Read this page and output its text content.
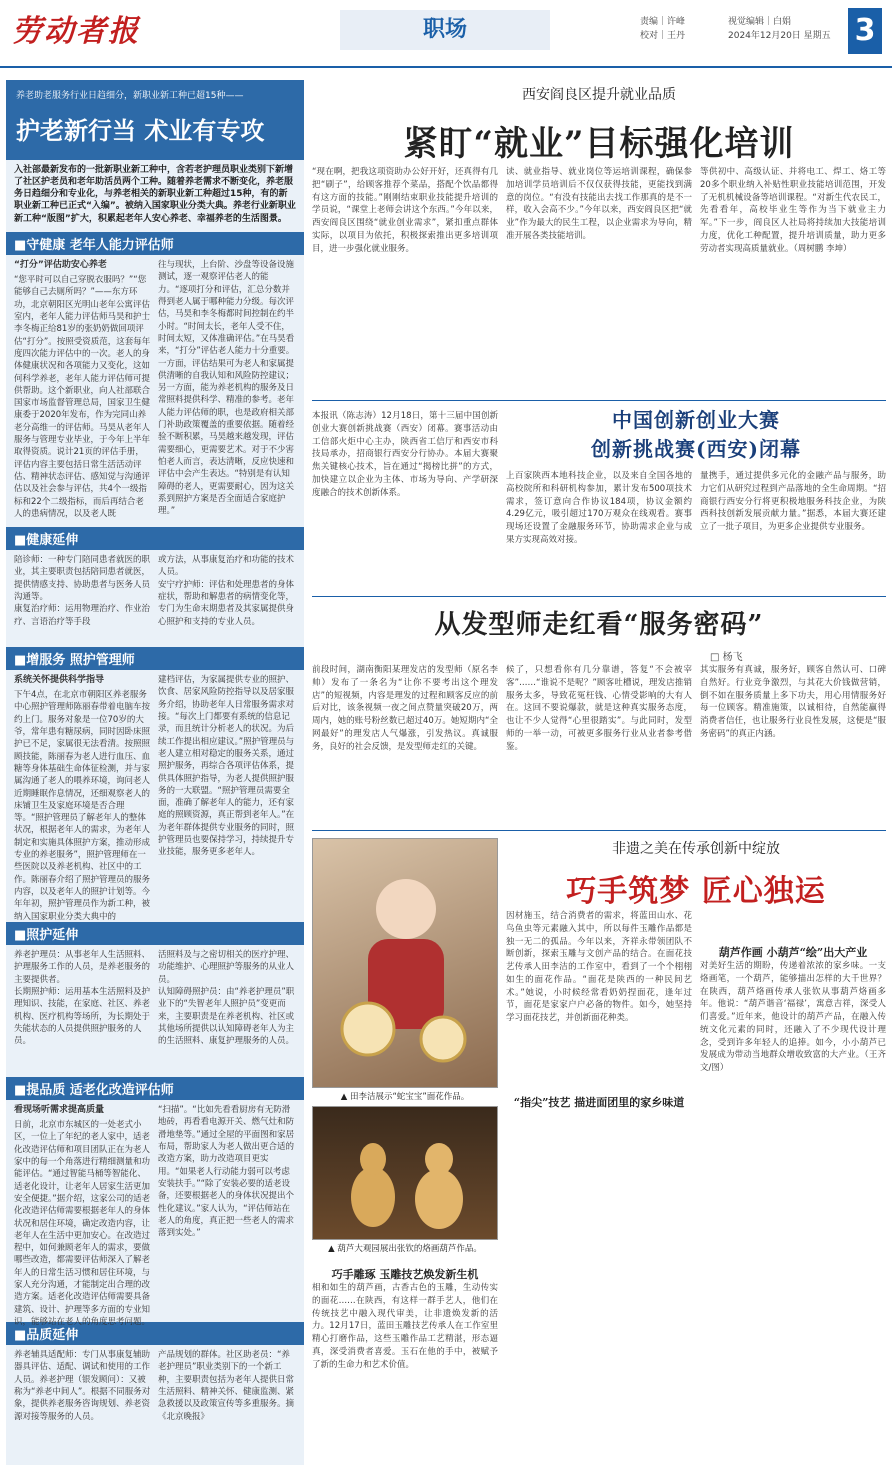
劳动者报	职场	责编｜许峰
校对｜王丹
视觉编辑｜白娟
2024年12月20日 星期五 3
养老助老服务行业日趋细分，新职业新工种已超15种——
护老新行当 术业有专攻
入社部最新发布的一批新职业新工种中，含若老护理员职业类别下新增了社区护老员和老年助活员两个工种。随着养老需求不断变化，养老服务日趋细分和专业化，与养老相关的新职业新工种超过15种，有的新职业新工种已正式“入编”。被纳入国家职业分类大典。养老行业新职业新工种“版图”扩大，积累起老年人安心养老、幸福养老的生活图景。
■守健康 老年人能力评估师
“打分”评估助安心养老
“您平时可以自己穿脱衣服吗？”“您能够自己去厕所吗？”——东方环功，北京朝阳区光明山老年公寓评估室内，老年人能力评估师马昊和护士李冬梅正给81岁的张奶奶做回项评估“打分”。按照受资质范，这套每年度四次能力评估中的一次。老人的身体健康状况和各项能力又变化，这如何科学养老，老年人能力评估师可提供帮助。这个新职业，向人社部联合国家市场监督管理总局，国家卫生健康委于2020年发布，作为完同山养老分高维一的评估师。马昊从老年人服务与管理专业毕业，于今年上半年取得资质。说计21页的评估手册，评估内容主要包括日常生活活动评估、精神状态评估、感知觉与沟通评估以及社会参与评估，共4个一级指标和22个二级指标，而后再结合老人的患病情况，以及老人既
往与现状，上台阶、沙盘等设备设施测试，逐一观察评估老人的能力。“逐项打分和评估，汇总分数并得到老人属于哪种能力分级。每次评估，马昊和李冬梅都时间控制在约半小时。“时间太长，老年人受不住，时间太短，又体准确评估。”在马昊看来，“打分”评估老人能力十分重要。一方面，评估结果可为老人和家属提供清晰的自我认知和风险防控建议；另一方面，能为养老机构的服务及日常照料提供科学、精准的参考。老年人能力评估师的职，也是政府相关部门补助政策覆盖的重要依据。随着经验不断积累，马昊越来越发现，评估需要细心，更需要艺术。对于不少害怕老人而言，表达清晰，反应快速和评估中会产生表达。“特别是有认知障碍的老人，更需要耐心，因为这关系到照护方案是否全面适合家庭护理。”
■健康延伸
陪诊师：一种专门陪同患者就医的职业，其主要职责包括陪同患者就医，提供情感支持、协助患者与医务人员沟通等。
康复治疗师：运用物理治疗、作业治疗、言语治疗等手段
或方法，从事康复治疗和功能的技术人员。
安宁疗护师：评估和处理患者的身体症状，帮助和解患者的病情变化等，专门为生命末期患者及其家属提供身心照护和支持的专业人员。
■增服务 照护管理师
系统关怀提供科学指导
下午4点，在北京市朝阳区养老服务中心照护管理师陈丽春带着电脑车按约上门。服务对象是一位70岁的大爷，常年患有糖尿病，同时因卧床照护已不足，家属很无法看清。按照照顾技能，陈丽春为老人进行血压、血糖等身体基础生命体征检测，并与家属沟通了老人的喂养环境，询问老人近期睡眠作息情况，还细观察老人的床铺卫生及家庭环境是否合理等。“照护管理员了解老年人的整体状况，根据老年人的需求，为老年人制定和实施具体照护方案，推动形成专业的养老服务”，照护管理师在一些医院以及养老机构、社区中的工作。陈丽春介绍了照护管理员的服务内容，以及老年人的照护计划等。今年年初，照护管理员作为新工种，被纳入国家职业分类大典中的
建档评估，为家属提供专业的照护、饮食、居家风险防控指导以及居家服务介绍，协助老年人日常服务需求对接。“每次上门都要有系统的信息记录，而且统计分析老人的状况。为后续工作提出相应建议。”照护管理员与老人建立相对稳定的服务关系，通过照护服务，再综合各项评估体系，提供具体照护指导，为老人提供照护服务的一大联盟。“照护管理员需要全面，准确了解老年人的能力，还有家庭的照顾资源，真正帮到老年人。”在为老年群体提供专业服务的同时，照护管理员也要保持学习，持续提升专业技能，服务更多老年人。
■照护延伸
养老护理员：从事老年人生活照料、护理服务工作的人员，是养老服务的主要提供者。
长期照护师：运用基本生活照料及护理知识、技能，在家庭、社区、养老机构、医疗机构等场所，为长期处于失能状态的人员提供照护服务的人员。
活照料及与之密切相关的医疗护理、功能维护、心理照护等服务的从业人员。
认知障碍照护员：由“养老护理员”职业下的“失智老年人照护员”变更而来，主要职责是在养老机构、社区或其他场所提供以认知障碍老年人为主的生活照料、康复护理服务的人员。
■提品质 适老化改造评估师
看现场听需求提高质量
日前，北京市东城区的一处老式小区，一位上了年纪的老人家中，适老化改造评估师和项目团队正在为老人家中的每一个角落进行精细测量和功能评估。“通过智能马桶等智能化、适老化设计，让老年人居家生活更加安全便捷。”据介绍，这家公司的适老化改造评估师需要根据老年人的身体状况和居住环境，确定改造内容，让老年人在生活中更加安心。在改造过程中，如何兼顾老年人的需求，要做哪些改造，都需要评估师深入了解老年人的日常生活习惯和居住环境，与家人充分沟通，才能制定出合理的改造方案。适老化改造评估师需要具备建筑、设计、护理等多方面的专业知识，能够站在老人的角度思考问题。
“扫描”。“比如先看看厨房有无防滑地砖，再看看电源开关、燃气灶和防滑地垫等。”通过全屋的平面图和家居布局，帮助家人为老人做出更合适的改造方案，助力改造项目更实用。“如果老人行动能力弱可以考虑安装扶手。”“除了安装必要的适老设备，还要根据老人的身体状况提出个性化建议。”家人认为，“评估师站在老人的角度，真正把一些老人的需求落到实处。”
■品质延伸
养老辅具适配师：专门从事康复辅助器具评估、适配、调试和使用的工作人员。养老护理（银发顾问）：又被称为“养老中间人”。根据不同服务对象，提供养老服务咨询规划、养老资源对接等服务的人员。
产品规划的群体。社区助老员：“养老护理员”职业类别下的一个新工种，主要职责包括为老年人提供日常生活照料、精神关怀、健康监测、紧急救援以及政策宣传等多重服务。摘《北京晚报》
西安阎良区提升就业品质
紧盯“就业”目标强化培训
“现在啊，把我这项资助办公好开好，还真得有几把“刷子”，给顾客推荐个菜品，搭配个饮品都得有这方面的技能。”刚刚结束职业技能提升培训的学员说，“课堂上老师会讲这个东西。”今年以来，西安阎良区围绕“就业创业需求”，紧扣重点群体实际，以项目为依托，积极探索推出更多培训项目，进一步强化就业服务。
读、就业指导、就业岗位等运培训课程，确保参加培训学员培训后不仅仅获得技能，更能找到满意的岗位。“有没有技能出去找工作那真的是不一样，收入会高不少。”今年以来，西安阎良区把“就业”作为最大的民生工程，以企业需求为导向，精准开展各类技能培训。
等供初中、高级认证、并将电工、焊工、烙工等20多个职业纳入补贴性职业技能培训范围，开发了无机机械设备等培训课程。“对新生代农民工，先看看年，高校毕业生等作为当下就业主力军。”下一步，阎良区人社局将持续加大技能培训力度，优化工种配置，提升培训质量，助力更多劳动者实现高质量就业。（周树鹏 李坤）
中国创新创业大赛
创新挑战赛(西安)闭幕
本报讯（陈志涛）12月18日，第十三届中国创新创业大赛创新挑战赛（西安）闭幕。赛事活动由工信部火炬中心主办，陕西省工信厅和西安市科技局承办，招商银行西安分行协办。本届大赛聚焦关键核心技术，旨在通过“揭榜比拼”的方式，加快建立以企业为主体、市场为导向、产学研深度融合的技术创新体系。
上百家陕西本地科技企业，以及来自全国各地的高校院所和科研机构参加，累计发布500项技术需求，签订意向合作协议184项，协议金额约4.29亿元，吸引超过170万观众在线观看。赛事现场还设置了金融服务环节，协助需求企业与成果方实现高效对接。
量携手，通过提供多元化的金融产品与服务，助力它们从研究过程到产品落地的全生命周期。“招商银行西安分行将更积极地服务科技企业，为陕西科技创新发展贡献力量。”据悉，本届大赛还建立了一批子项目，为更多企业提供专业服务。
从发型师走红看“服务密码”
□ 杨飞
前段时间，湖南衡阳某理发店的发型师（原名李帅）发布了一条名为“让你不要考出这个理发店”的短视频，内容是理发的过程和顾客反应的前后对比，该条视频一夜之间点赞量突破20万，两周内，她的账号粉丝数已超过40万。她短期内“全网最好”的理发店人气爆涨，引发热议。真诚服务，良好的社会反馈，是发型师走红的关键。
候了，只想看你有几分靠谱，答复“不会被宰客”……“谁说不是呢？”顾客吐槽说，理发店推销服务太多，导致花冤枉钱、心情受影响的大有人在。这回不要说爆款，就是这种真实服务态度，也让不少人觉得“心里很踏实”。与此同时，发型师的一举一动，可被更多服务行业从业者参考借鉴。
其实服务有真诚，服务好，顾客自然认可、口碑自然好。行业竞争激烈，与其花大价钱做营销，倒不如在服务质量上多下功夫，用心用情服务好每一位顾客。精准施策，以诚相待，自然能赢得消费者信任，也让服务行业良性发展，这便是“服务密码”的真正内涵。
非遗之美在传承创新中绽放
巧手筑梦 匠心独运
▲ 田李洁展示“蛇宝宝”面花作品。
▲ 葫芦大观园展出张钦的烙画葫芦作品。
巧手雕琢 玉雕技艺焕发新生机
相和如生的葫芦画，古香古色的玉雕，生动传实的面花……在陕西，有这样一群手艺人，他们在传统技艺中融入现代审美，让非遗焕发新的活力。12月17日，蓝田玉雕技艺传承人在工作室里精心打磨作品，这些玉雕作品工艺精湛，形态逼真，深受消费者喜爱。玉石在他的手中，被赋予了新的生命力和艺术价值。
“指尖”技艺 描进面团里的家乡味道
因材施玉，结合消费者的需求，将蓝田山水、花鸟鱼虫等元素融入其中，所以每件玉雕作品都是独一无二的孤品。今年以来，齐祥永带领团队不断创新，探索玉雕与文创产品的结合。在面花技艺传承人田李洁的工作室中，看到了一个个栩栩如生的面花作品。“面花是陕西的一种民间艺术。”她说，小时候经常看奶奶捏面花，逢年过节，面花是家家户户必备的物件。如今，她坚持学习面花技艺，并创新面花种类。
葫芦作画 小葫芦“绘”出大产业
对美好生活的期盼，传递着浓浓的家乡味。一支烙画笔，一个葫芦，能够描出怎样的大千世界？在陕西，葫芦烙画传承人张钦从事葫芦烙画多年。他说：“葫芦谐音‘福禄’，寓意吉祥，深受人们喜爱。”近年来，他设计的葫芦产品，在融入传统文化元素的同时，还融入了不少现代设计理念，受到许多年轻人的追捧。如今，小小葫芦已发展成为带动当地群众增收致富的大产业。（王齐 文/图）
